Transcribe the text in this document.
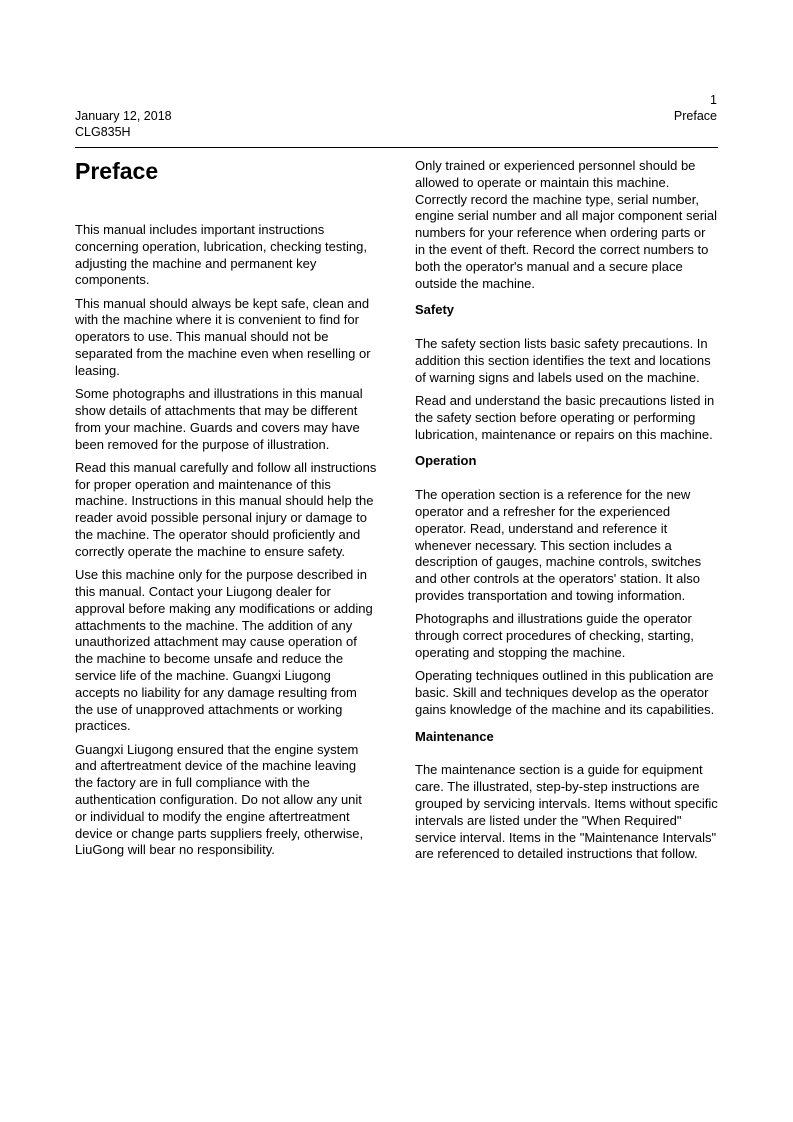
January 12, 2018
CLG835H
1
Preface
Preface

This manual includes important instructions concerning operation, lubrication, checking testing, adjusting the machine and permanent key components.

This manual should always be kept safe, clean and with the machine where it is convenient to find for operators to use. This manual should not be separated from the machine even when reselling or leasing.

Some photographs and illustrations in this manual show details of attachments that may be different from your machine. Guards and covers may have been removed for the purpose of illustration.

Read this manual carefully and follow all instructions for proper operation and maintenance of this machine. Instructions in this manual should help the reader avoid possible personal injury or damage to the machine. The operator should proficiently and correctly operate the machine to ensure safety.

Use this machine only for the purpose described in this manual. Contact your Liugong dealer for approval before making any modifications or adding attachments to the machine. The addition of any unauthorized attachment may cause operation of the machine to become unsafe and reduce the service life of the machine. Guangxi Liugong accepts no liability for any damage resulting from the use of unapproved attachments or working practices.

Guangxi Liugong ensured that the engine system and aftertreatment device of the machine leaving the factory are in full compliance with the authentication configuration. Do not allow any unit or individual to modify the engine aftertreatment device or change parts suppliers freely, otherwise, LiuGong will bear no responsibility.

Only trained or experienced personnel should be allowed to operate or maintain this machine. Correctly record the machine type, serial number, engine serial number and all major component serial numbers for your reference when ordering parts or in the event of theft. Record the correct numbers to both the operator's manual and a secure place outside the machine.

Safety

The safety section lists basic safety precautions. In addition this section identifies the text and locations of warning signs and labels used on the machine.

Read and understand the basic precautions listed in the safety section before operating or performing lubrication, maintenance or repairs on this machine.

Operation

The operation section is a reference for the new operator and a refresher for the experienced operator. Read, understand and reference it whenever necessary. This section includes a description of gauges, machine controls, switches and other controls at the operators' station. It also provides transportation and towing information.

Photographs and illustrations guide the operator through correct procedures of checking, starting, operating and stopping the machine.

Operating techniques outlined in this publication are basic. Skill and techniques develop as the operator gains knowledge of the machine and its capabilities.

Maintenance

The maintenance section is a guide for equipment care. The illustrated, step-by-step instructions are grouped by servicing intervals. Items without specific intervals are listed under the "When Required" service interval. Items in the "Maintenance Intervals" are referenced to detailed instructions that follow.
